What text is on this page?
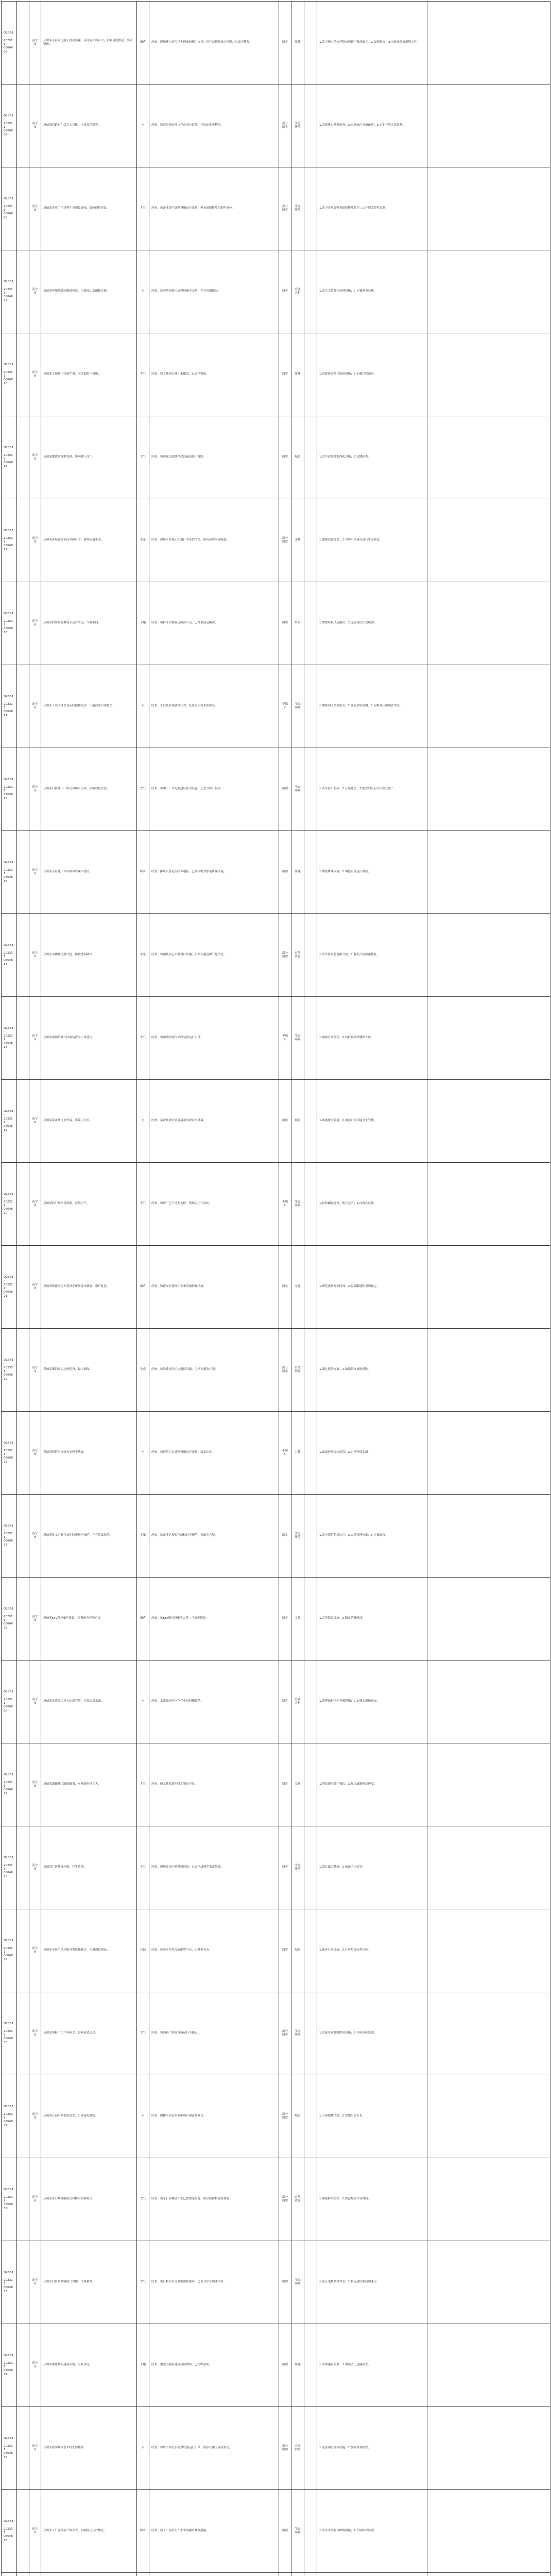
D2BB1-
202311
0604806		南宁市	反映某小区周边施工扰民问题，夜间施工噪音大，影响居民休息，要求整改。	噪声	经查，现场施工单位已办理夜间施工许可，但存在超时施工情况，已责令整改。	属实	住建		1.责令施工单位严格按照许可时间施工；2.加强巡查；3.向群众做好解释工作。	
D2BB1-
202311
0604807		南宁市	反映某河道有生活污水直排，水体发黑发臭。	水	经查，该河道部分排口存在雨污混流，已启动排查整治。	部分属实	生态环境		1.开展排口溯源排查；2.实施雨污分流改造；3.定期开展水质监测。	
D2BB1-
202311
0604808		南宁市	反映某企业生产过程中有刺鼻异味，影响周边居民。	大气	经查，该企业废气处理设施运行正常，但无组织排放控制不到位。	部分属实	生态环境		1.责令企业加强无组织排放管控；2.开展监督性监测。	
D2BB1-
202311
0604809		南宁市	反映某养殖场粪污随意排放，污染周边农田和水体。	水	经查，该养殖场粪污处理设施不完善，存在外溢情况。	属实	农业农村		1.责令完善粪污处理设施；2.立案调查处理。	
D2BB1-
202311
0604810		南宁市	反映某工地扬尘污染严重，未采取防尘措施。	大气	经查，该工地部分裸土未覆盖，已责令整改。	属实	住建		1.督促落实扬尘防治措施；2.加强日常巡查。	
D2BB1-
202311
0604811		南宁市	反映某餐饮店油烟直排，影响楼上住户。	大气	经查，该餐饮店油烟净化设施清洗不及时。	属实	城管		1.责令清洗油烟净化设施；2.定期检查。	
D2BB1-
202311
0604812		南宁市	反映某区域存在非法采砂行为，破坏河道生态。	生态	经查，现场未发现正在进行的采砂活动，但有历史采砂痕迹。	部分属实	水利		1.加强河道巡查；2.对历史采砂点进行生态修复。	
D2BB1-
202311
0604813		南宁市	反映某村庄垃圾堆放未及时清运，气味难闻。	土壤	经查，该村庄垃圾收运频次不足，已增加清运频次。	属实	乡镇		1.增加垃圾清运频次；2.完善保洁长效机制。	
D2BB1-
202311
0604814		南宁市	反映某工业园区企业夜间偷排废水，下游河道出现死鱼。	水	经查，未发现企业偷排行为，死鱼原因为水体缺氧。	不属实	生态环境		1.加强园区企业监管；2.开展水质监测；3.向群众反馈调查情况。	
D2BB1-
202311
0604815		南宁市	反映某石材加工厂粉尘和噪声污染，影响村民生活。	大气	经查，该加工厂未配套建设除尘设施，已责令停产整改。	属实	生态环境		1.责令停产整改；2.立案处罚；3.整改到位后方可恢复生产。	
D2BB1-
202311
0604816		南宁市	反映某小区地下车库排风口噪声扰民。	噪声	经查，排风设备运行噪声超标，已要求物业加装降噪设施。	属实	住建		1.加装降噪设施；2.调整设备运行时间。	
D2BB1-
202311
0604817		南宁市	反映某山体被违规开挖，植被遭到破坏。	生态	经查，该地块为已审批项目用地，但存在超范围开挖情况。	部分属实	自然资源		1.责令停止超范围开挖；2.督促开展植被恢复。	
D2BB1-
202311
0604818		南宁市	反映某加油站油气回收装置未正常使用。	大气	经查，该加油站油气回收装置运行正常。	不属实	生态环境		1.加强日常监管；2.向群众做好解释工作。	
D2BB1-
202311
0604819		南宁市	反映某菜市场污水外溢，环境卫生差。	水	经查，菜市场排水管道堵塞导致污水外溢。	属实	城管		1.疏通排水管道；2.加强市场环境卫生管理。	
D2BB1-
202311
0604820		南宁市	反映某砖厂烟囱冒黑烟，污染空气。	大气	经查，该砖厂已于近期关停，现场无生产活动。	不属实	生态环境		1.持续跟踪巡查，防止复产；2.向群众反馈。	
D2BB1-
202311
0604821		南宁市	反映某物流园区大型货车夜间进出频繁，噪声扰民。	噪声	经查，物流园区夜间作业未采取降噪措施。	属实	交通		1.规范夜间作业时间；2.设置限速和禁鸣标志。	
D2BB1-
202311
0604822		南宁市	反映某湖泊周边违规建设，侵占湖面。	生态	经查，该处建设为历史遗留问题，已纳入整治计划。	部分属实	自然资源		1.制定整治方案；2.依法依规推进拆除。	
D2BB1-
202311
0604823		南宁市	反映某医院医疗废水处理不达标。	水	经查，该医院污水处理设施运行正常，出水达标。	不属实	卫健		1.加强医疗废水监管；2.定期开展监测。	
D2BB1-
202311
0604824		南宁市	反映某化工企业存放危险废物不规范，存在泄漏风险。	土壤	经查，该企业危废暂存间标识不规范，台账不完整。	属实	生态环境		1.责令规范危废贮存；2.完善管理台账；3.立案调查。	
D2BB1-
202311
0604825		南宁市	反映某KTV营业噪声扰民，深夜仍有音响声音。	噪声	经查，该KTV隔音设施不完善，已责令整改。	属实	文旅		1.完善隔音设施；2.限定营业时间。	
D2BB1-
202311
0604826		南宁市	反映某水库周边有人违规养殖，污染饮用水源。	水	经查，水库保护区内存在少量网箱养殖。	属实	农业农村		1.清理保护区内养殖网箱；2.加强水源地巡查。	
D2BB1-
202311
0604827		南宁市	反映某道路施工路面破损，车辆通行扬尘大。	大气	经查，施工路段洒水降尘频次不足。	属实	交通		1.增加洒水降尘频次；2.加快道路修复进度。	
D2BB1-
202311
0604828		南宁市	反映某厂区焚烧垃圾，产生浓烟。	大气	经查，现场发现少量焚烧痕迹，已责令清理并禁止焚烧。	属实	生态环境		1.禁止露天焚烧；2.依法予以处罚。	
D2BB1-
202311
0604829		南宁市	反映某小区生活垃圾分类设施缺失，垃圾混投混运。	其他	经查，该小区分类设施配置不足，已督促补齐。	属实	城管		1.补齐分类设施；2.开展垃圾分类宣传。	
D2BB1-
202311
0604830		南宁市	反映某饲料厂生产异味大，影响周边居民。	大气	经查，该饲料厂除臭设施运行不稳定。	部分属实	生态环境		1.督促企业升级除臭设施；2.开展异味监测。	
D2BB1-
202311
0604831		南宁市	反映某公园内湖水质变差，出现藻类暴发。	水	经查，湖体水质受季节影响出现富营养化。	部分属实	城管		1.开展湖体清淤；2.实施生态补水。	
D2BB1-
202311
0604832		南宁市	反映某采石场爆破震动和粉尘影响村民。	大气	经查，该采石场爆破作业已按规定报备，粉尘防控措施需加强。	部分属实	自然资源		1.加强粉尘防控；2.规范爆破作业时间。	
D2BB1-
202311
0604833		南宁市	反映某汽修店喷漆废气直排，气味刺鼻。	大气	经查，该汽修店未设置密闭喷漆房，已责令停止喷漆作业。	属实	生态环境		1.停止违规喷漆作业；2.督促建设密闭喷漆房。	
D2BB1-
202311
0604834		南宁市	反映某渠道堆积建筑垃圾，阻塞水流。	土壤	经查，渠道内确有建筑垃圾堆积，已组织清理。	属实	住建		1.清理建筑垃圾；2.加强渣土运输监管。	
D2BB1-
202311
0604835		南宁市	反映某屠宰场废水未经处理排放。	水	经查，该屠宰场污水处理设施运行正常，但存在雨天溢流情况。	部分属实	农业农村		1.完善雨污分流设施；2.加强监督检查。	
D2BB1-
202311
0604836		南宁市	反映某工厂夜间生产噪声大，影响周边住户休息。	噪声	经查，该工厂夜间生产未采取隔声降噪措施。	属实	生态环境		1.责令采取隔声降噪措施；2.开展噪声监测。	
